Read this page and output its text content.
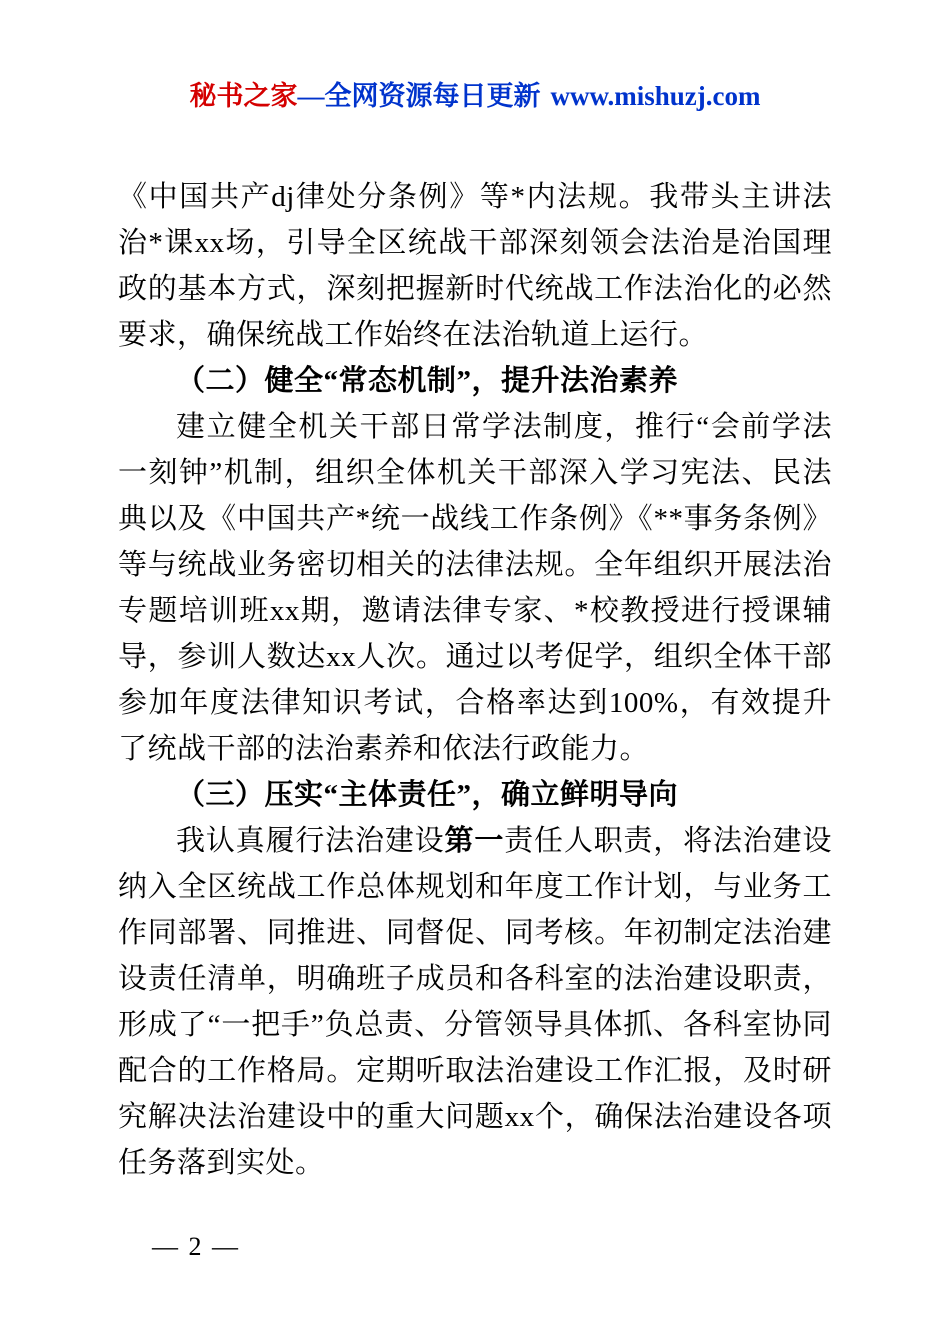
秘书之家—全网资源每日更新 www.mishuzj.com

《中国共产dj律处分条例》等*内法规。我带头主讲法治*课xx场，引导全区统战干部深刻领会法治是治国理政的基本方式，深刻把握新时代统战工作法治化的必然要求，确保统战工作始终在法治轨道上运行。

（二）健全“常态机制”，提升法治素养

建立健全机关干部日常学法制度，推行“会前学法一刻钟”机制，组织全体机关干部深入学习宪法、民法典以及《中国共产*统一战线工作条例》《**事务条例》等与统战业务密切相关的法律法规。全年组织开展法治专题培训班xx期，邀请法律专家、*校教授进行授课辅导，参训人数达xx人次。通过以考促学，组织全体干部参加年度法律知识考试，合格率达到100%，有效提升了统战干部的法治素养和依法行政能力。

（三）压实“主体责任”，确立鲜明导向

我认真履行法治建设第一责任人职责，将法治建设纳入全区统战工作总体规划和年度工作计划，与业务工作同部署、同推进、同督促、同考核。年初制定法治建设责任清单，明确班子成员和各科室的法治建设职责，形成了“一把手”负总责、分管领导具体抓、各科室协同配合的工作格局。定期听取法治建设工作汇报，及时研究解决法治建设中的重大问题xx个，确保法治建设各项任务落到实处。

— 2 —
